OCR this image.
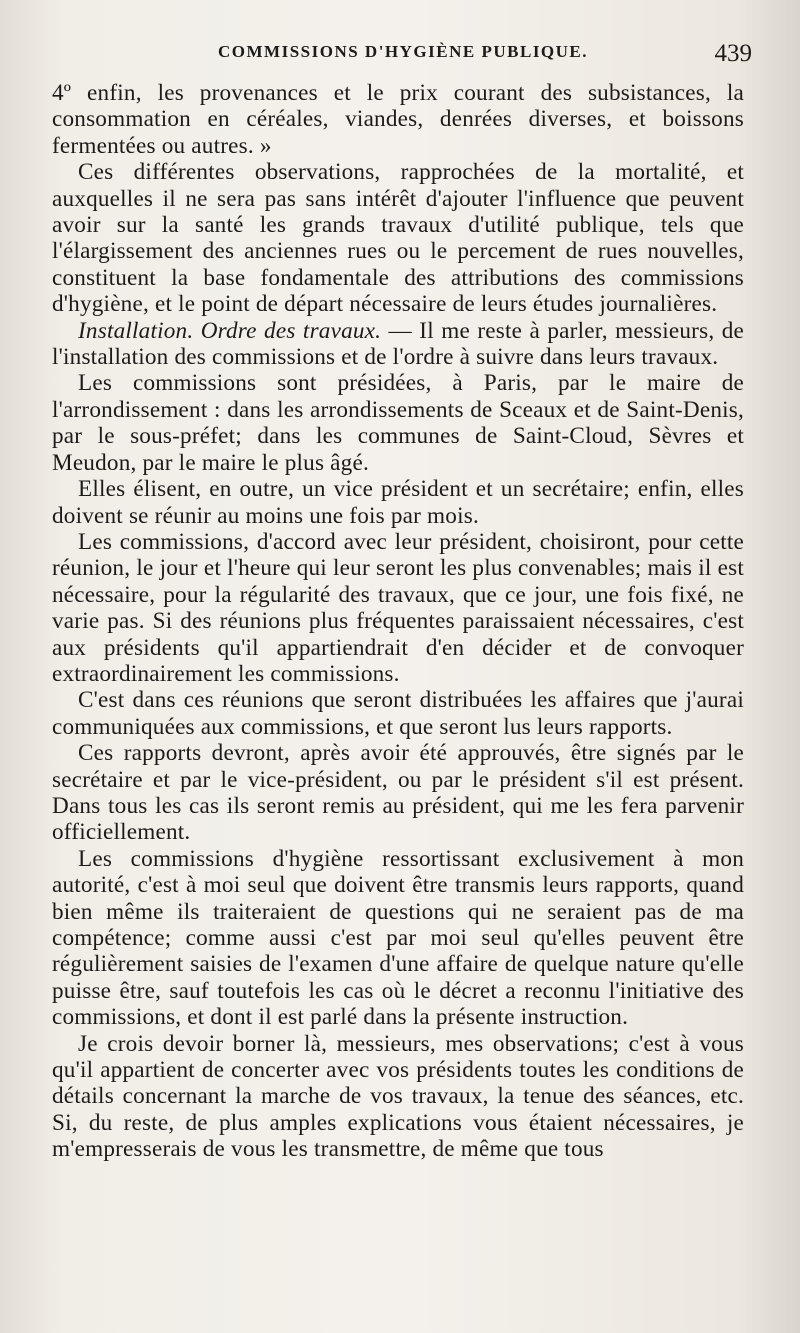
COMMISSIONS D'HYGIÈNE PUBLIQUE.	439

4º enfin, les provenances et le prix courant des subsistances, la consommation en céréales, viandes, denrées diverses, et boissons fermentées ou autres. »

Ces différentes observations, rapprochées de la mortalité, et auxquelles il ne sera pas sans intérêt d'ajouter l'influence que peuvent avoir sur la santé les grands travaux d'utilité publique, tels que l'élargissement des anciennes rues ou le percement de rues nouvelles, constituent la base fondamentale des attributions des commissions d'hygiène, et le point de départ nécessaire de leurs études journalières.

Installation. Ordre des travaux. — Il me reste à parler, messieurs, de l'installation des commissions et de l'ordre à suivre dans leurs travaux.

Les commissions sont présidées, à Paris, par le maire de l'arrondissement : dans les arrondissements de Sceaux et de Saint-Denis, par le sous-préfet; dans les communes de Saint-Cloud, Sèvres et Meudon, par le maire le plus âgé.

Elles élisent, en outre, un vice président et un secrétaire; enfin, elles doivent se réunir au moins une fois par mois.

Les commissions, d'accord avec leur président, choisiront, pour cette réunion, le jour et l'heure qui leur seront les plus convenables; mais il est nécessaire, pour la régularité des travaux, que ce jour, une fois fixé, ne varie pas. Si des réunions plus fréquentes paraissaient nécessaires, c'est aux présidents qu'il appartiendrait d'en décider et de convoquer extraordinairement les commissions.

C'est dans ces réunions que seront distribuées les affaires que j'aurai communiquées aux commissions, et que seront lus leurs rapports.

Ces rapports devront, après avoir été approuvés, être signés par le secrétaire et par le vice-président, ou par le président s'il est présent. Dans tous les cas ils seront remis au président, qui me les fera parvenir officiellement.

Les commissions d'hygiène ressortissant exclusivement à mon autorité, c'est à moi seul que doivent être transmis leurs rapports, quand bien même ils traiteraient de questions qui ne seraient pas de ma compétence; comme aussi c'est par moi seul qu'elles peuvent être régulièrement saisies de l'examen d'une affaire de quelque nature qu'elle puisse être, sauf toutefois les cas où le décret a reconnu l'initiative des commissions, et dont il est parlé dans la présente instruction.

Je crois devoir borner là, messieurs, mes observations; c'est à vous qu'il appartient de concerter avec vos présidents toutes les conditions de détails concernant la marche de vos travaux, la tenue des séances, etc. Si, du reste, de plus amples explications vous étaient nécessaires, je m'empresserais de vous les transmettre, de même que tous
